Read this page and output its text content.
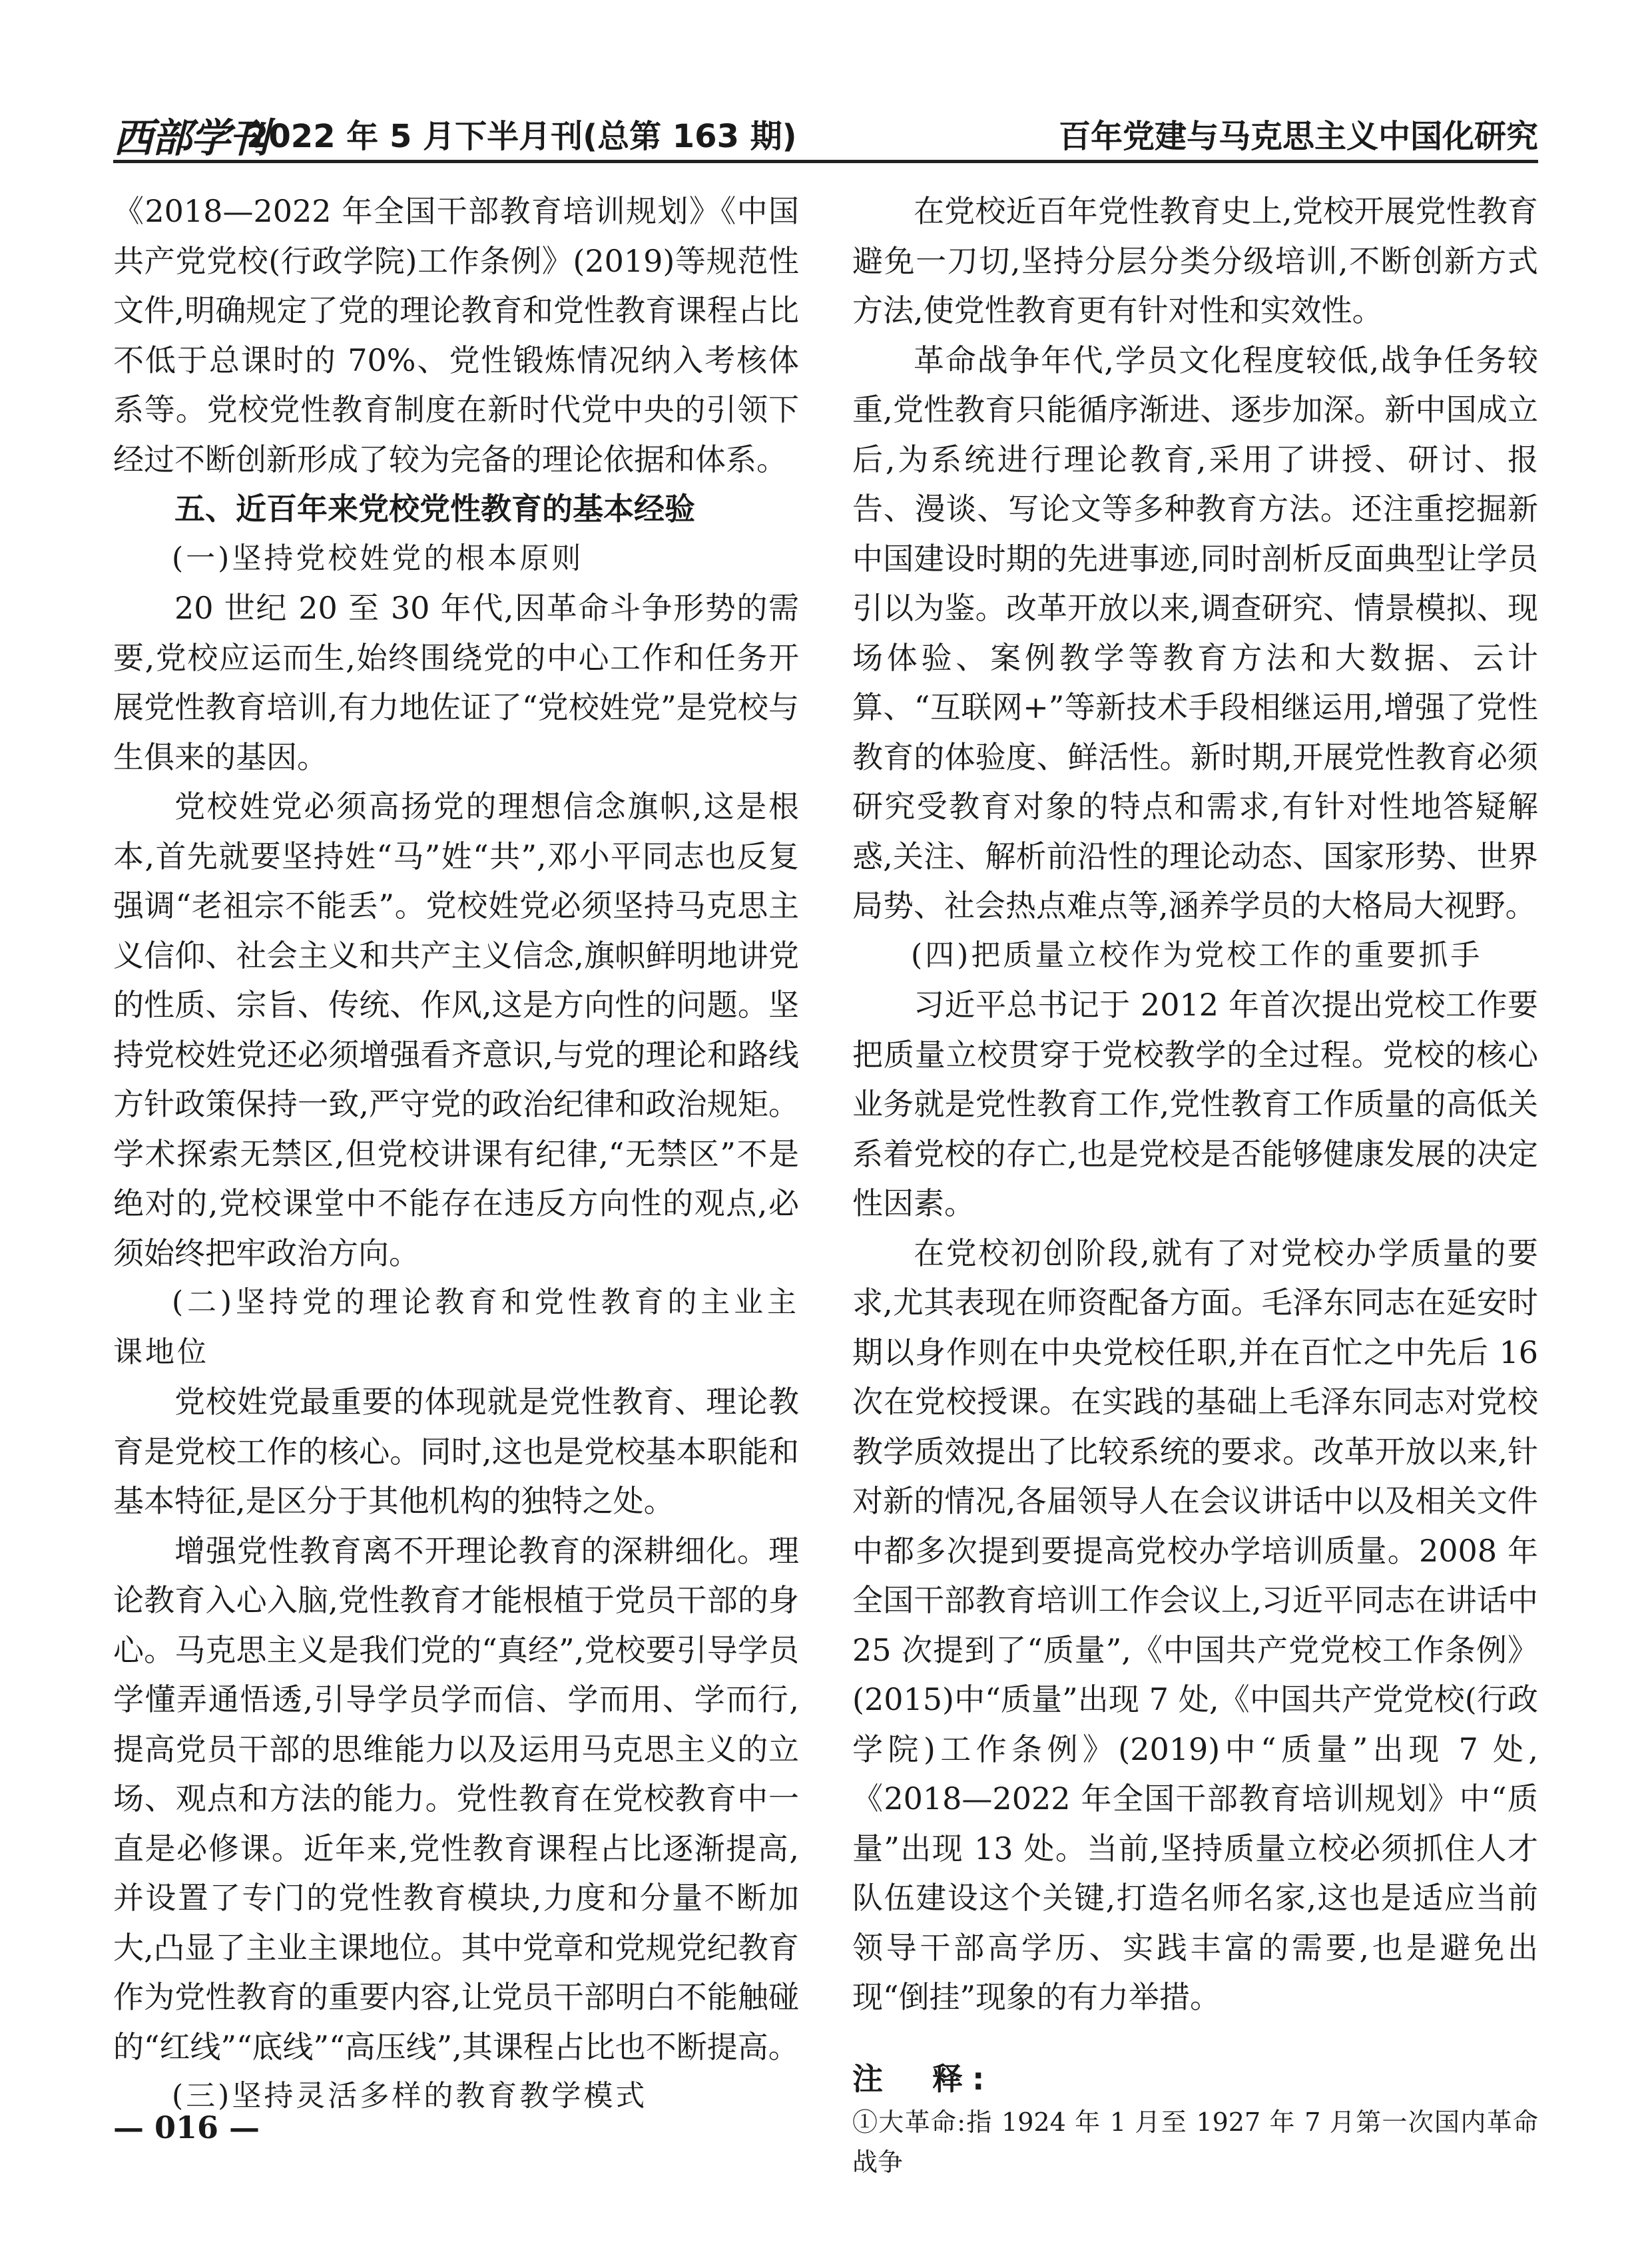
西部学刊
2022 年 5 月下半月刊(总第 163 期)	百年党建与马克思主义中国化研究

《2018—2022 年全国干部教育培训规划》《中国共产党党校(行政学院)工作条例》(2019)等规范性文件,明确规定了党的理论教育和党性教育课程占比不低于总课时的 70%、党性锻炼情况纳入考核体系等。党校党性教育制度在新时代党中央的引领下经过不断创新形成了较为完备的理论依据和体系。

五、近百年来党校党性教育的基本经验
(一)坚持党校姓党的根本原则

20 世纪 20 至 30 年代,因革命斗争形势的需要,党校应运而生,始终围绕党的中心工作和任务开展党性教育培训,有力地佐证了“党校姓党”是党校与生俱来的基因。

党校姓党必须高扬党的理想信念旗帜,这是根本,首先就要坚持姓“马”姓“共”,邓小平同志也反复强调“老祖宗不能丢”。党校姓党必须坚持马克思主义信仰、社会主义和共产主义信念,旗帜鲜明地讲党的性质、宗旨、传统、作风,这是方向性的问题。坚持党校姓党还必须增强看齐意识,与党的理论和路线方针政策保持一致,严守党的政治纪律和政治规矩。学术探索无禁区,但党校讲课有纪律,“无禁区”不是绝对的,党校课堂中不能存在违反方向性的观点,必须始终把牢政治方向。

(二)坚持党的理论教育和党性教育的主业主课地位

党校姓党最重要的体现就是党性教育、理论教育是党校工作的核心。同时,这也是党校基本职能和基本特征,是区分于其他机构的独特之处。

增强党性教育离不开理论教育的深耕细化。理论教育入心入脑,党性教育才能根植于党员干部的身心。马克思主义是我们党的“真经”,党校要引导学员学懂弄通悟透,引导学员学而信、学而用、学而行,提高党员干部的思维能力以及运用马克思主义的立场、观点和方法的能力。党性教育在党校教育中一直是必修课。近年来,党性教育课程占比逐渐提高,并设置了专门的党性教育模块,力度和分量不断加大,凸显了主业主课地位。其中党章和党规党纪教育作为党性教育的重要内容,让党员干部明白不能触碰的“红线”“底线”“高压线”,其课程占比也不断提高。

(三)坚持灵活多样的教育教学模式

在党校近百年党性教育史上,党校开展党性教育避免一刀切,坚持分层分类分级培训,不断创新方式方法,使党性教育更有针对性和实效性。

革命战争年代,学员文化程度较低,战争任务较重,党性教育只能循序渐进、逐步加深。新中国成立后,为系统进行理论教育,采用了讲授、研讨、报告、漫谈、写论文等多种教育方法。还注重挖掘新中国建设时期的先进事迹,同时剖析反面典型让学员引以为鉴。改革开放以来,调查研究、情景模拟、现场体验、案例教学等教育方法和大数据、云计算、“互联网+”等新技术手段相继运用,增强了党性教育的体验度、鲜活性。新时期,开展党性教育必须研究受教育对象的特点和需求,有针对性地答疑解惑,关注、解析前沿性的理论动态、国家形势、世界局势、社会热点难点等,涵养学员的大格局大视野。

(四)把质量立校作为党校工作的重要抓手

习近平总书记于 2012 年首次提出党校工作要把质量立校贯穿于党校教学的全过程。党校的核心业务就是党性教育工作,党性教育工作质量的高低关系着党校的存亡,也是党校是否能够健康发展的决定性因素。

在党校初创阶段,就有了对党校办学质量的要求,尤其表现在师资配备方面。毛泽东同志在延安时期以身作则在中央党校任职,并在百忙之中先后 16 次在党校授课。在实践的基础上毛泽东同志对党校教学质效提出了比较系统的要求。改革开放以来,针对新的情况,各届领导人在会议讲话中以及相关文件中都多次提到要提高党校办学培训质量。2008 年全国干部教育培训工作会议上,习近平同志在讲话中 25 次提到了“质量”,《中国共产党党校工作条例》(2015)中“质量”出现 7 处,《中国共产党党校(行政学院)工作条例》(2019)中“质量”出现 7 处,《2018—2022 年全国干部教育培训规划》中“质量”出现 13 处。当前,坚持质量立校必须抓住人才队伍建设这个关键,打造名师名家,这也是适应当前领导干部高学历、实践丰富的需要,也是避免出现“倒挂”现象的有力举措。

注　释:
①大革命:指 1924 年 1 月至 1927 年 7 月第一次国内革命战争
— 016 —
